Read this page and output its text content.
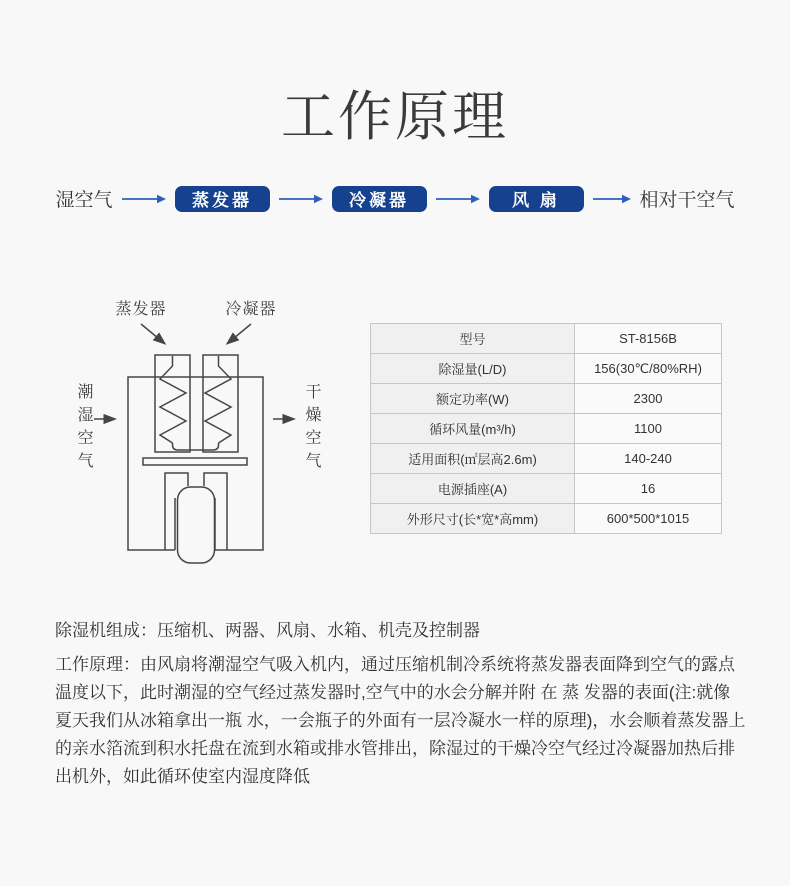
工作原理
湿空气	蒸发器	冷凝器	风 扇	相对干空气
蒸发器	冷凝器
潮湿空气	干燥空气
型号	ST-8156B
除湿量(L/D)	156(30℃/80%RH)
额定功率(W)	2300
循环风量(m³/h)	1100
适用面积(㎡层高2.6m)	140-240
电源插座(A)	16
外形尺寸(长*宽*高mm)	600*500*1015
除湿机组成：压缩机、两器、风扇、水箱、机壳及控制器
工作原理：由风扇将潮湿空气吸入机内，通过压缩机制冷系统将蒸发器表面降到空气的露点温度以下，此时潮湿的空气经过蒸发器时,空气中的水会分解并附 在 蒸 发器的表面(注:就像夏天我们从冰箱拿出一瓶 水，一会瓶子的外面有一层冷凝水一样的原理)，水会顺着蒸发器上的亲水箔流到积水托盘在流到水箱或排水管排出，除湿过的干燥冷空气经过冷凝器加热后排出机外，如此循环使室内湿度降低
